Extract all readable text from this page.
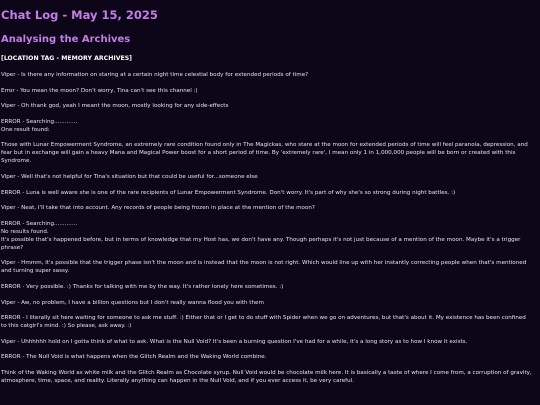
Chat Log - May 15, 2025
Analysing the Archives
[LOCATION TAG - MEMORY ARCHIVES]
Viper - Is there any information on staring at a certain night time celestial body for extended periods of time?
Error - You mean the moon? Don't worry, Tina can't see this channel :)
Viper - Oh thank god, yeah I meant the moon, mostly looking for any side-effects
ERROR - Searching.............
One result found:
Those with Lunar Empowerment Syndrome, an extremely rare condition found only in The Magickas, who stare at the moon for extended periods of time will feel paranoia, depression, and fear but in exchange will gain a heavy Mana and Magical Power boost for a short period of time. By 'extremely rare', I mean only 1 in 1,000,000 people will be born or created with this Syndrome.
Viper - Well that's not helpful for Tina's situation but that could be useful for...someone else
ERROR - Luna is well aware she is one of the rare recipients of Lunar Empowerment Syndrome. Don't worry. It's part of why she's so strong during night battles. :)
Viper - Neat, I'll take that into account. Any records of people being frozen in place at the mention of the moon?
ERROR - Searching.............
No results found.
It's possible that's happened before, but in terms of knowledge that my Host has, we don't have any. Though perhaps it's not just because of a mention of the moon. Maybe it's a trigger phrase?
Viper - Hmmm, it's possible that the trigger phase isn't the moon and is instead that the moon is not right. Which would line up with her instantly correcting people when that's mentioned and turning super sassy.
ERROR - Very possible. :) Thanks for talking with me by the way. It's rather lonely here sometimes. :)
Viper - Aw, no problem, I have a billion questions but I don't really wanna flood you with them
ERROR - I literally sit here waiting for someone to ask me stuff. :) Either that or I get to do stuff with Spider when we go on adventures, but that's about it. My existence has been confined to this catgirl's mind. :) So please, ask away. :)
Viper - Uhhhhhh hold on I gotta think of what to ask. What is the Null Void? It's been a burning question I've had for a while, it's a long story as to how I know it exists.
ERROR - The Null Void is what happens when the Glitch Realm and the Waking World combine.
Think of the Waking World as white milk and the Glitch Realm as Chocolate syrup. Null Void would be chocolate milk here. It is basically a taste of where I come from, a corruption of gravity, atmosphere, time, space, and reality. Literally anything can happen in the Null Void, and if you ever access it, be very careful.
